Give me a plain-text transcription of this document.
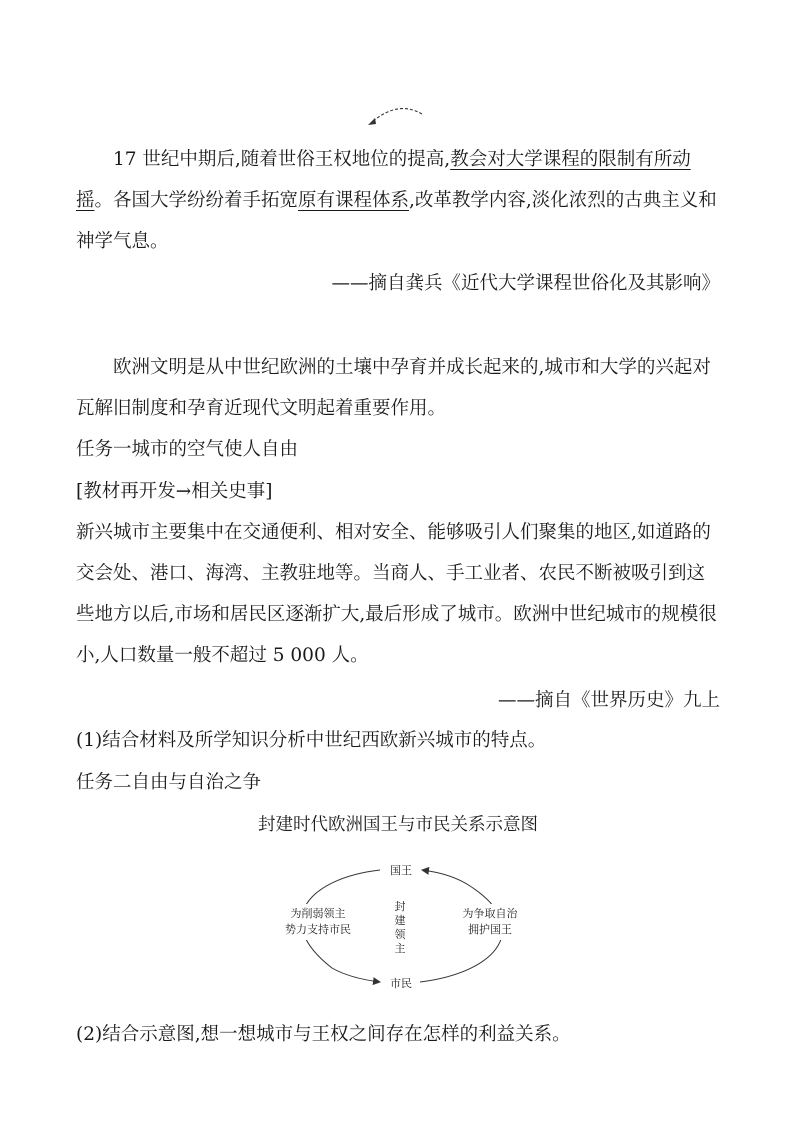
17 世纪中期后,随着世俗王权地位的提高,教会对大学课程的限制有所动摇。各国大学纷纷着手拓宽原有课程体系,改革教学内容,淡化浓烈的古典主义和神学气息。

——摘自龚兵《近代大学课程世俗化及其影响》

欧洲文明是从中世纪欧洲的土壤中孕育并成长起来的,城市和大学的兴起对瓦解旧制度和孕育近现代文明起着重要作用。

任务一城市的空气使人自由

[教材再开发→相关史事]

新兴城市主要集中在交通便利、相对安全、能够吸引人们聚集的地区,如道路的交会处、港口、海湾、主教驻地等。当商人、手工业者、农民不断被吸引到这些地方以后,市场和居民区逐渐扩大,最后形成了城市。欧洲中世纪城市的规模很小,人口数量一般不超过 5 000 人。

——摘自《世界历史》九上

(1)结合材料及所学知识分析中世纪西欧新兴城市的特点。

任务二自由与自治之争

封建时代欧洲国王与市民关系示意图

国王
市民
封
建
领
主
为削弱领主
势力支持市民
为争取自治
拥护国王

(2)结合示意图,想一想城市与王权之间存在怎样的利益关系。
